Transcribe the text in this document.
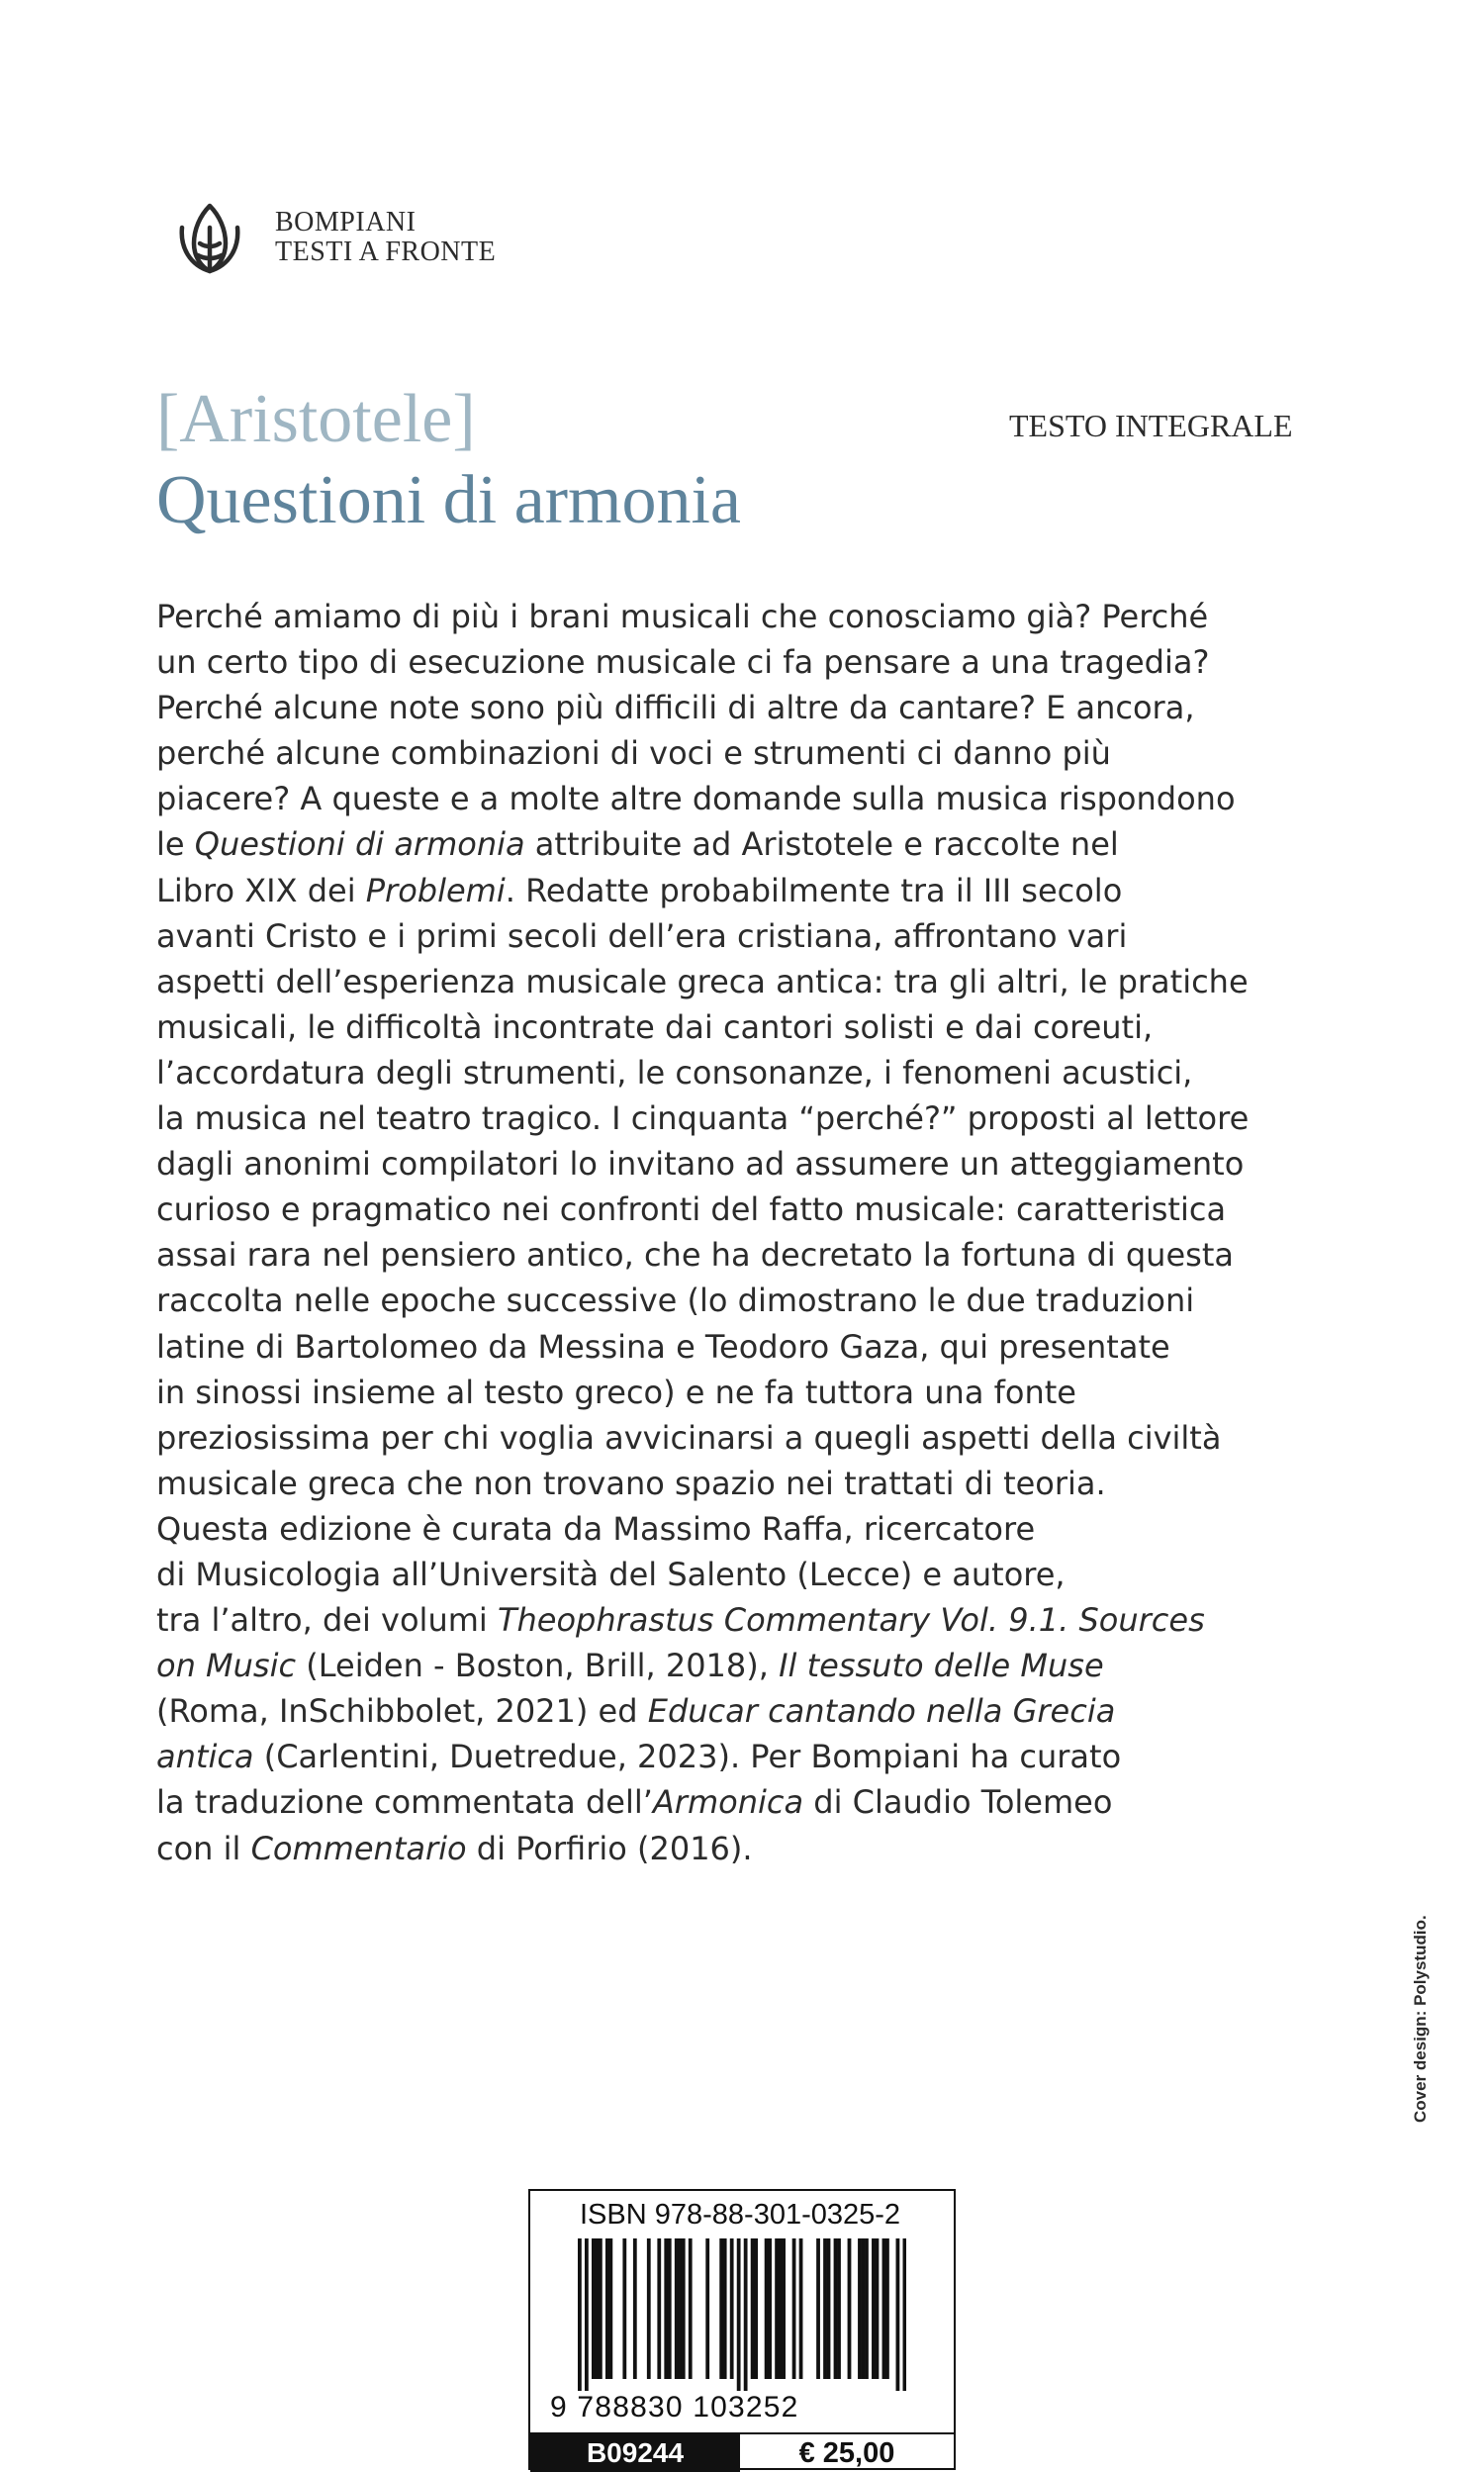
BOMPIANI
TESTI A FRONTE
[Aristotele]
Questioni di armonia
TESTO INTEGRALE
Perché amiamo di più i brani musicali che conosciamo già? Perché
un certo tipo di esecuzione musicale ci fa pensare a una tragedia?
Perché alcune note sono più difficili di altre da cantare? E ancora,
perché alcune combinazioni di voci e strumenti ci danno più
piacere? A queste e a molte altre domande sulla musica rispondono
le Questioni di armonia attribuite ad Aristotele e raccolte nel
Libro XIX dei Problemi. Redatte probabilmente tra il III secolo
avanti Cristo e i primi secoli dell’era cristiana, affrontano vari
aspetti dell’esperienza musicale greca antica: tra gli altri, le pratiche
musicali, le difficoltà incontrate dai cantori solisti e dai coreuti,
l’accordatura degli strumenti, le consonanze, i fenomeni acustici,
la musica nel teatro tragico. I cinquanta “perché?” proposti al lettore
dagli anonimi compilatori lo invitano ad assumere un atteggiamento
curioso e pragmatico nei confronti del fatto musicale: caratteristica
assai rara nel pensiero antico, che ha decretato la fortuna di questa
raccolta nelle epoche successive (lo dimostrano le due traduzioni
latine di Bartolomeo da Messina e Teodoro Gaza, qui presentate
in sinossi insieme al testo greco) e ne fa tuttora una fonte
preziosissima per chi voglia avvicinarsi a quegli aspetti della civiltà
musicale greca che non trovano spazio nei trattati di teoria.
Questa edizione è curata da Massimo Raffa, ricercatore
di Musicologia all’Università del Salento (Lecce) e autore,
tra l’altro, dei volumi Theophrastus Commentary Vol. 9.1. Sources
on Music (Leiden - Boston, Brill, 2018), Il tessuto delle Muse
(Roma, InSchibbolet, 2021) ed Educar cantando nella Grecia
antica (Carlentini, Duetredue, 2023). Per Bompiani ha curato
la traduzione commentata dell’Armonica di Claudio Tolemeo
con il Commentario di Porfirio (2016).
Cover design: Polystudio.
ISBN 978-88-301-0325-2
9 788830 103252
B09244	€ 25,00
